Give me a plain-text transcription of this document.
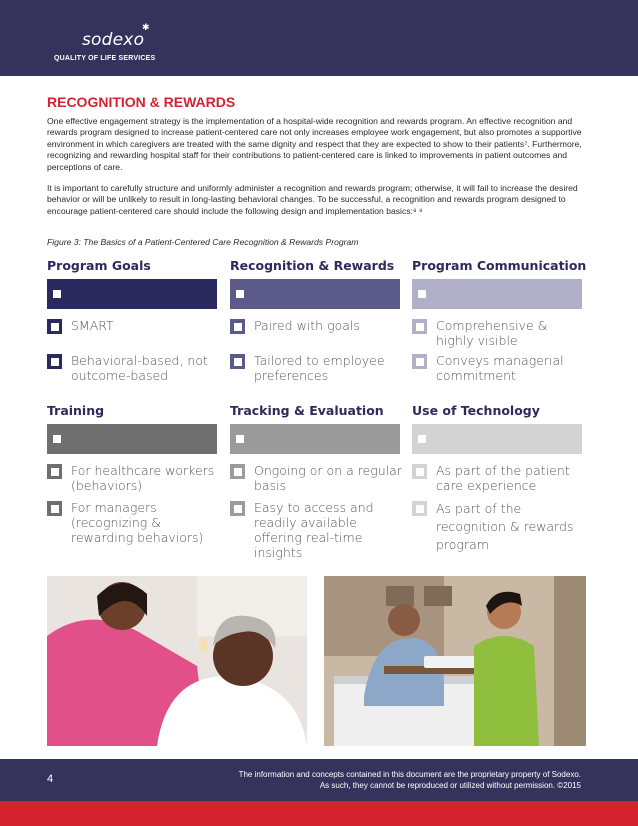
sodexo
✱
QUALITY OF LIFE SERVICES
RECOGNITION & REWARDS

One effective engagement strategy is the implementation of a hospital-wide recognition and rewards program. An effective recognition and rewards program designed to increase patient-centered care not only increases employee work engagement, but also promotes a supportive environment in which caregivers are treated with the same dignity and respect that they are expected to show to their patients⁷. Furthermore, recognizing and rewarding hospital staff for their contributions to patient-centered care is linked to improvements in patient outcomes and perceptions of care.

It is important to carefully structure and uniformly administer a recognition and rewards program; otherwise, it will fail to increase the desired behavior or will be unlikely to result in long-lasting behavioral changes. To be successful, a recognition and rewards program designed to encourage patient-centered care should include the following design and implementation basics:⁸ ⁹

Figure 3: The Basics of a Patient-Centered Care Recognition & Rewards Program
Program Goals
SMART
Behavioral-based, not outcome-based
Recognition & Rewards
Paired with goals
Tailored to employee preferences
Program Communication
Comprehensive & highly visible
Conveys managerial commitment
Training
For healthcare workers (behaviors)
For managers (recognizing & rewarding behaviors)
Tracking & Evaluation
Ongoing or on a regular basis
Easy to access and readily available offering real-time insights
Use of Technology
As part of the patient care experience
As part of the recognition & rewards program
4	The information and concepts contained in this document are the proprietary property of Sodexo.
As such, they cannot be reproduced or utilized without permission. ©2015
